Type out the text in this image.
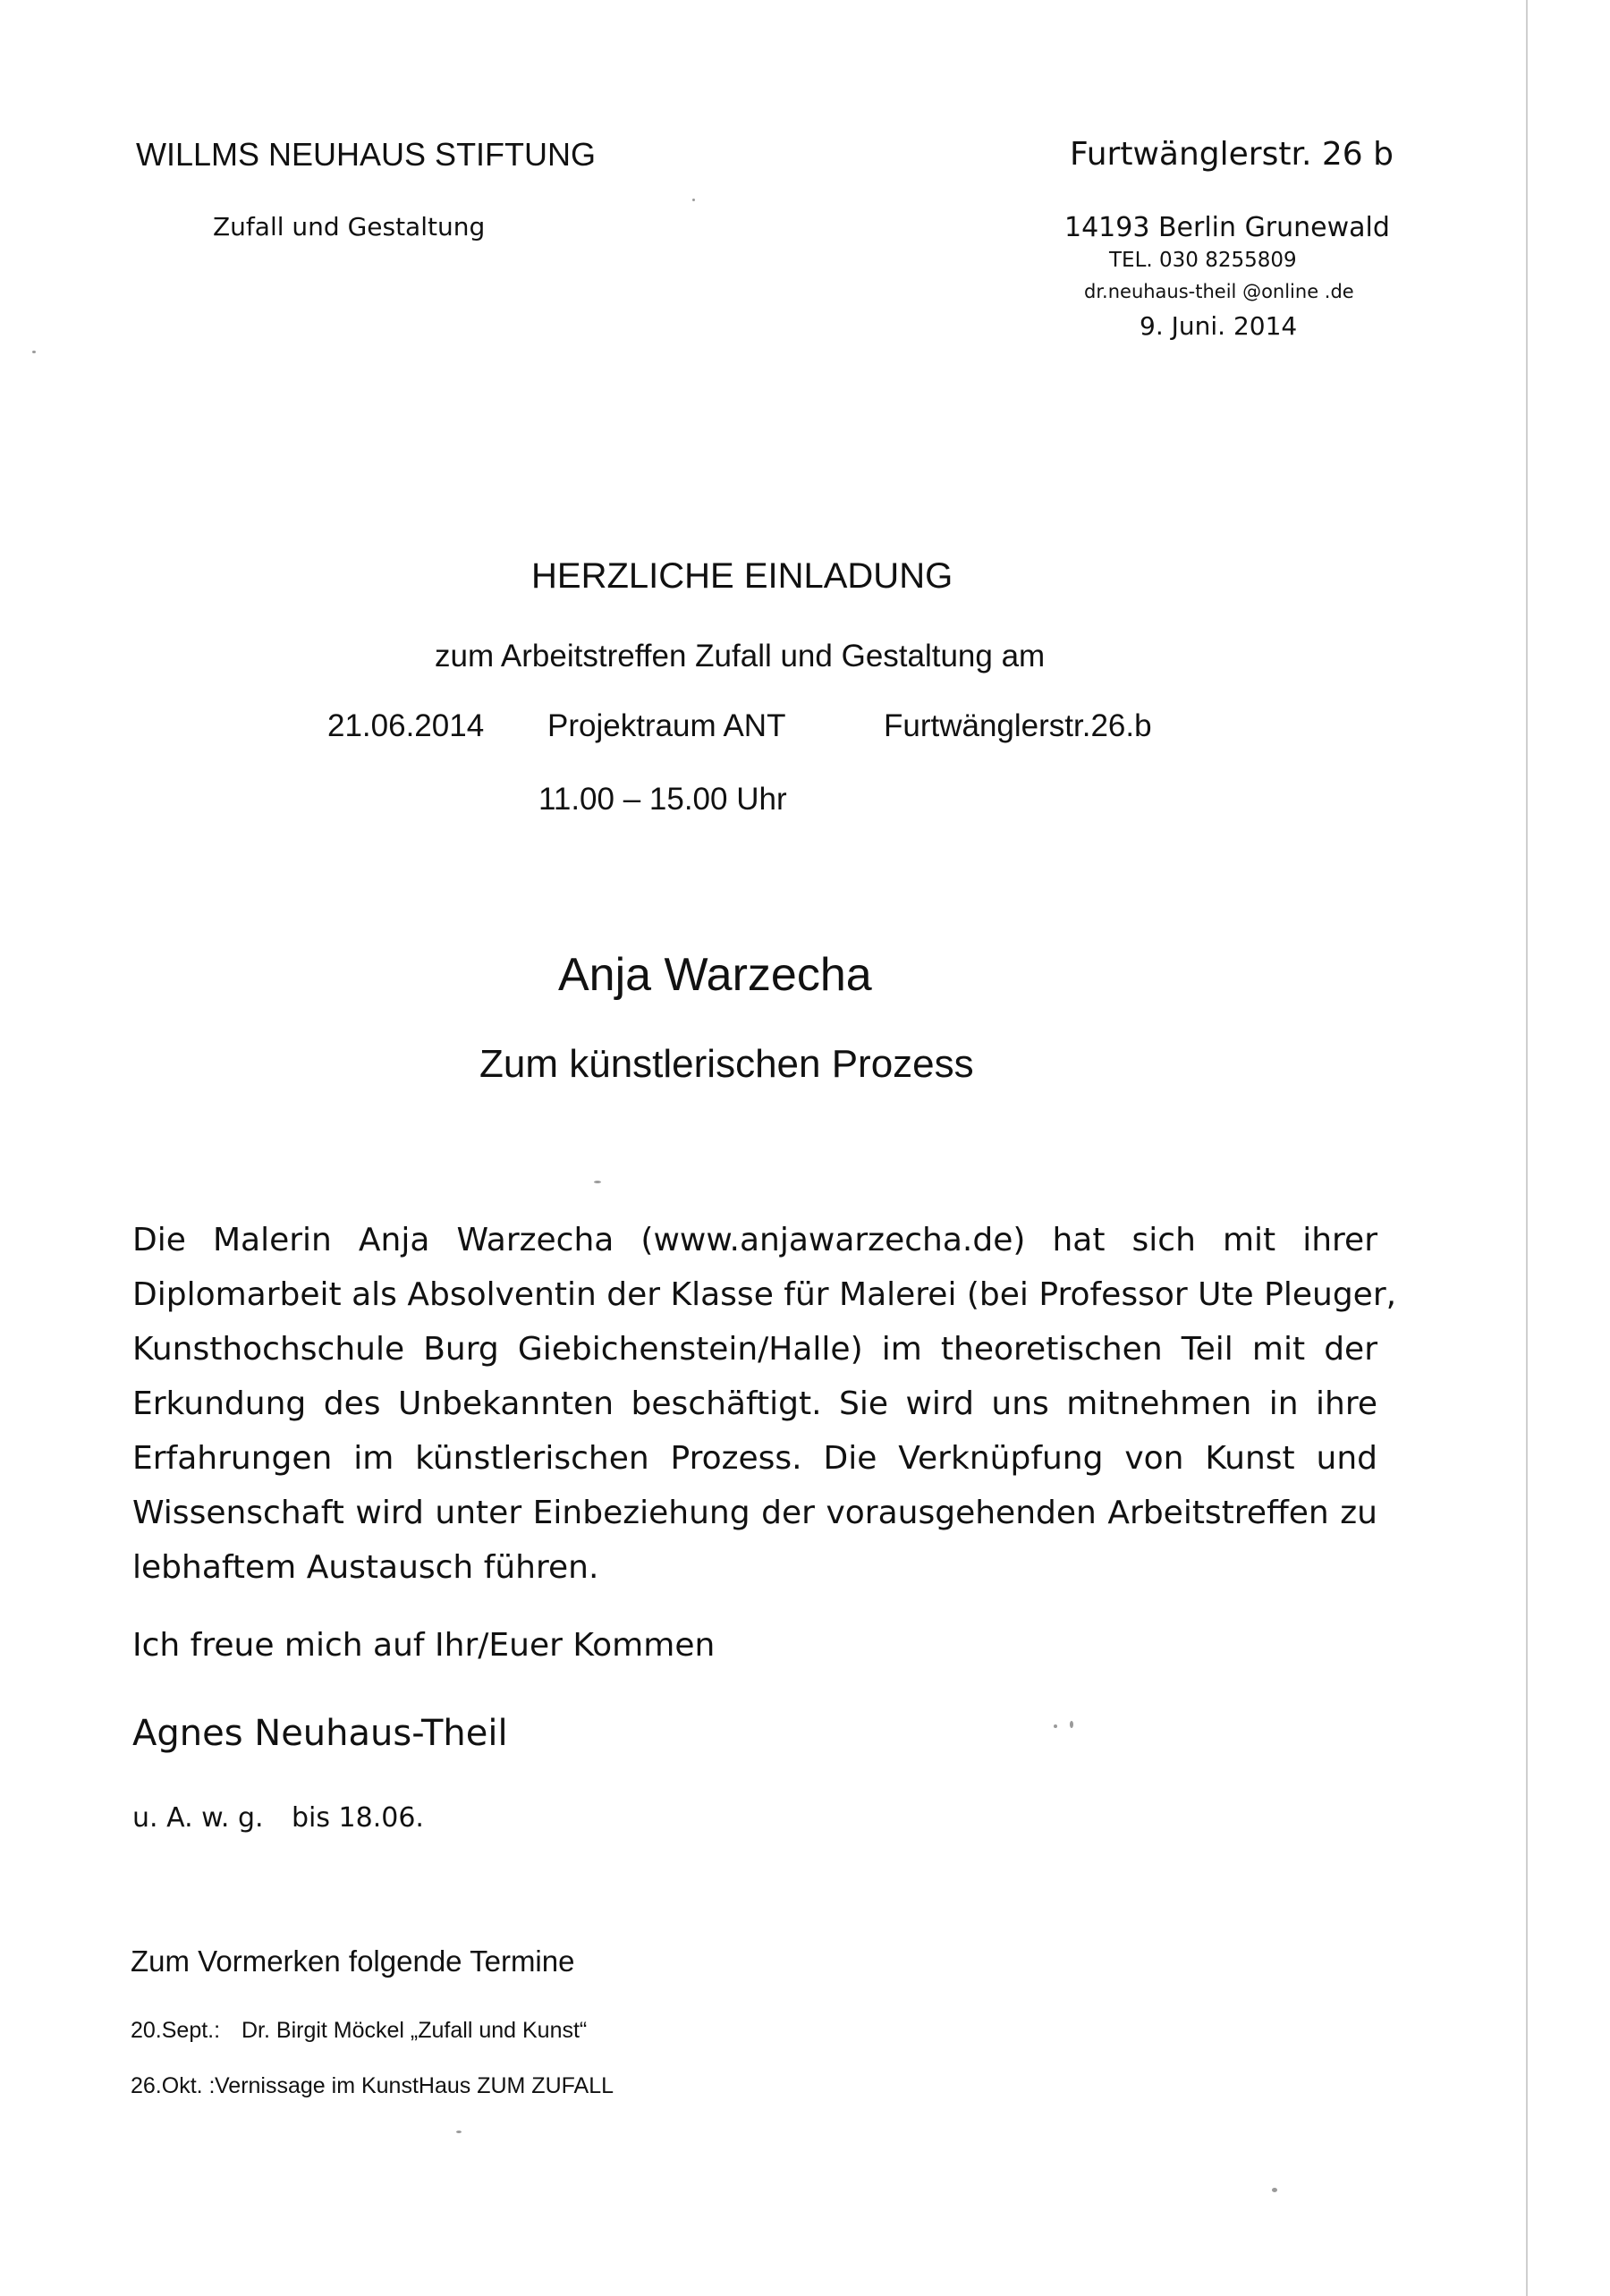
WILLMS NEUHAUS STIFTUNG
Zufall und Gestaltung
Furtwänglerstr. 26 b
14193 Berlin Grunewald
TEL. 030 8255809
dr.neuhaus-theil @online .de
9. Juni. 2014
HERZLICHE EINLADUNG
zum Arbeitstreffen Zufall und Gestaltung am
21.06.2014 Projektraum ANT	Furtwänglerstr.26.b
11.00 – 15.00 Uhr
Anja Warzecha
Zum künstlerischen Prozess
Die Malerin Anja Warzecha (www.anjawarzecha.de) hat sich mit ihrer
Diplomarbeit als Absolventin der Klasse für Malerei (bei Professor Ute Pleuger,
Kunsthochschule Burg Giebichenstein/Halle) im theoretischen Teil mit der
Erkundung des Unbekannten beschäftigt. Sie wird uns mitnehmen in ihre
Erfahrungen im künstlerischen Prozess. Die Verknüpfung von Kunst und
Wissenschaft wird unter Einbeziehung der vorausgehenden Arbeitstreffen zu
lebhaftem Austausch führen.
Ich freue mich auf Ihr/Euer Kommen
Agnes Neuhaus-Theil
u. A. w. g. bis 18.06.
Zum Vormerken folgende Termine
20.Sept.: Dr. Birgit Möckel „Zufall und Kunst“
26.Okt. : Vernissage im KunstHaus ZUM ZUFALL
